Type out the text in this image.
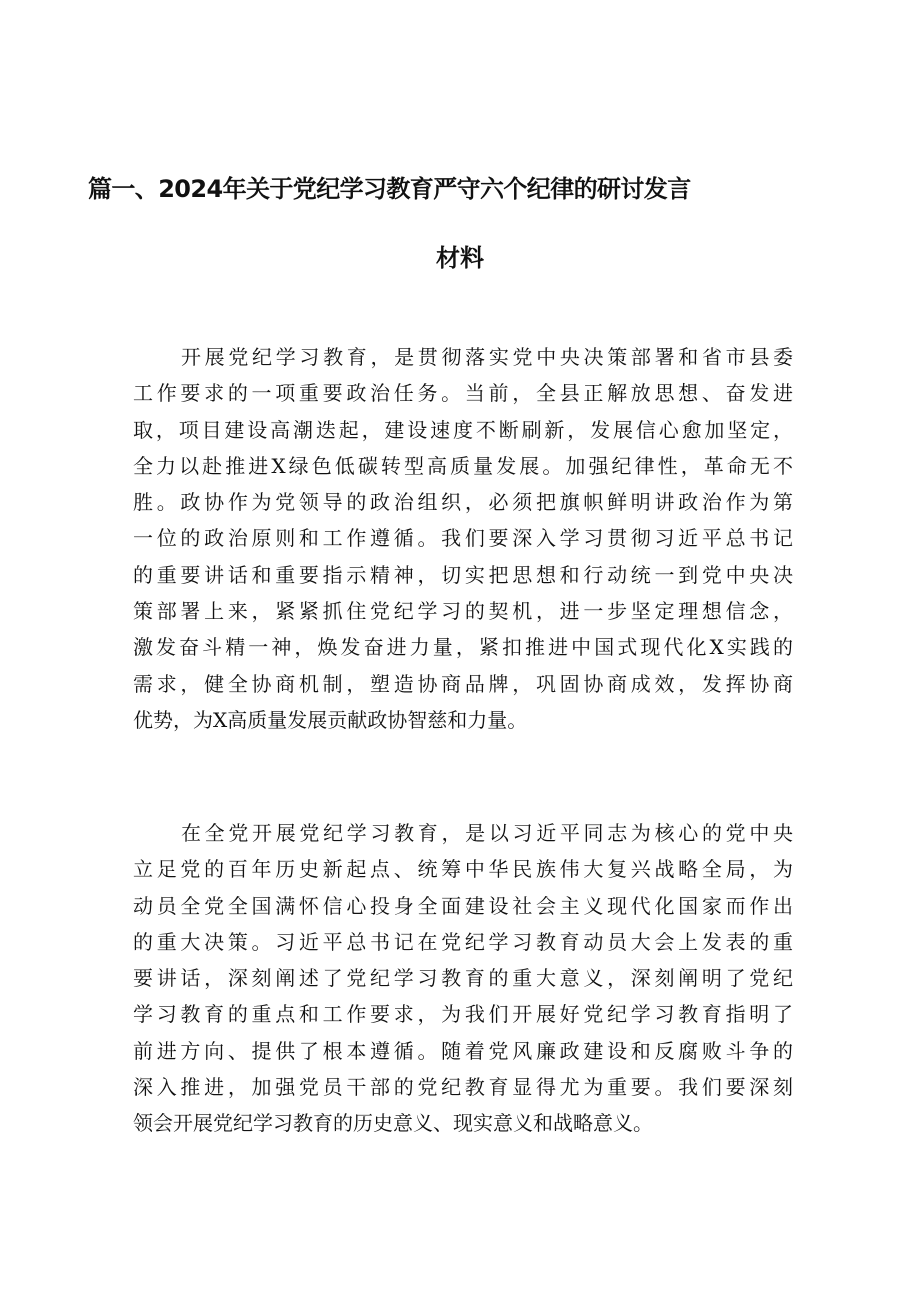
篇一、2024年关于党纪学习教育严守六个纪律的研讨发言
材料
开展党纪学习教育，是贯彻落实党中央决策部署和省市县委
工作要求的一项重要政治任务。当前，全县正解放思想、奋发进
取，项目建设高潮迭起，建设速度不断刷新，发展信心愈加坚定，
全力以赴推进X绿色低碳转型高质量发展。加强纪律性，革命无不
胜。政协作为党领导的政治组织，必须把旗帜鲜明讲政治作为第
一位的政治原则和工作遵循。我们要深入学习贯彻习近平总书记
的重要讲话和重要指示精神，切实把思想和行动统一到党中央决
策部署上来，紧紧抓住党纪学习的契机，进一步坚定理想信念，
激发奋斗精一神，焕发奋进力量，紧扣推进中国式现代化X实践的
需求，健全协商机制，塑造协商品牌，巩固协商成效，发挥协商
优势，为X高质量发展贡献政协智慈和力量。
在全党开展党纪学习教育，是以习近平同志为核心的党中央
立足党的百年历史新起点、统筹中华民族伟大复兴战略全局，为
动员全党全国满怀信心投身全面建设社会主义现代化国家而作出
的重大决策。习近平总书记在党纪学习教育动员大会上发表的重
要讲话，深刻阐述了党纪学习教育的重大意义，深刻阐明了党纪
学习教育的重点和工作要求，为我们开展好党纪学习教育指明了
前进方向、提供了根本遵循。随着党风廉政建设和反腐败斗争的
深入推进，加强党员干部的党纪教育显得尤为重要。我们要深刻
领会开展党纪学习教育的历史意义、现实意义和战略意义。
